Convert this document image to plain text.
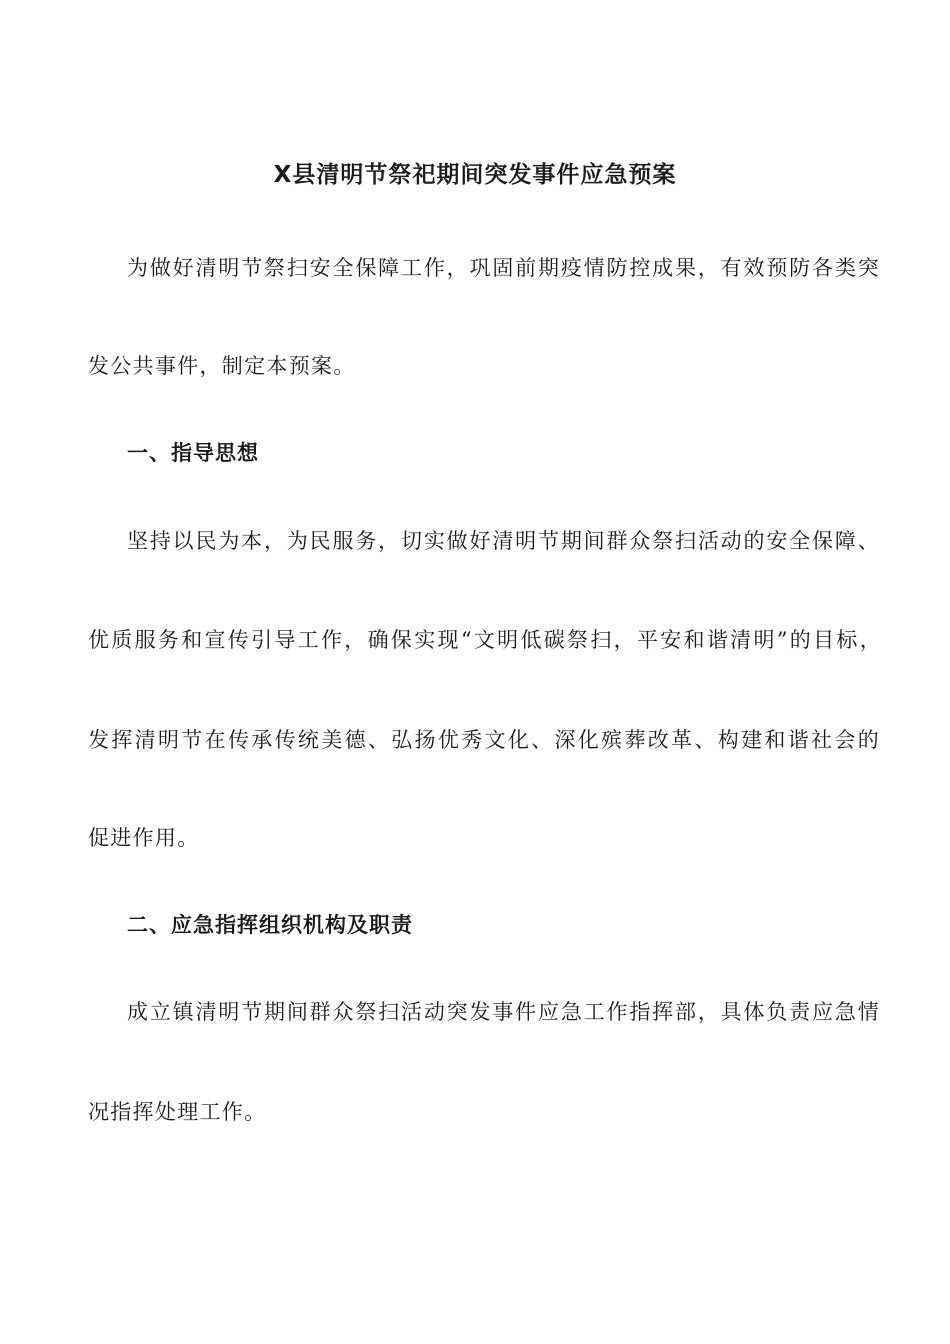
X县清明节祭祀期间突发事件应急预案
为做好清明节祭扫安全保障工作，巩固前期疫情防控成果，有效预防各类突
发公共事件，制定本预案。
一、指导思想
坚持以民为本，为民服务，切实做好清明节期间群众祭扫活动的安全保障、
优质服务和宣传引导工作，确保实现“文明低碳祭扫，平安和谐清明”的目标，
发挥清明节在传承传统美德、弘扬优秀文化、深化殡葬改革、构建和谐社会的
促进作用。
二、应急指挥组织机构及职责
成立镇清明节期间群众祭扫活动突发事件应急工作指挥部，具体负责应急情
况指挥处理工作。
